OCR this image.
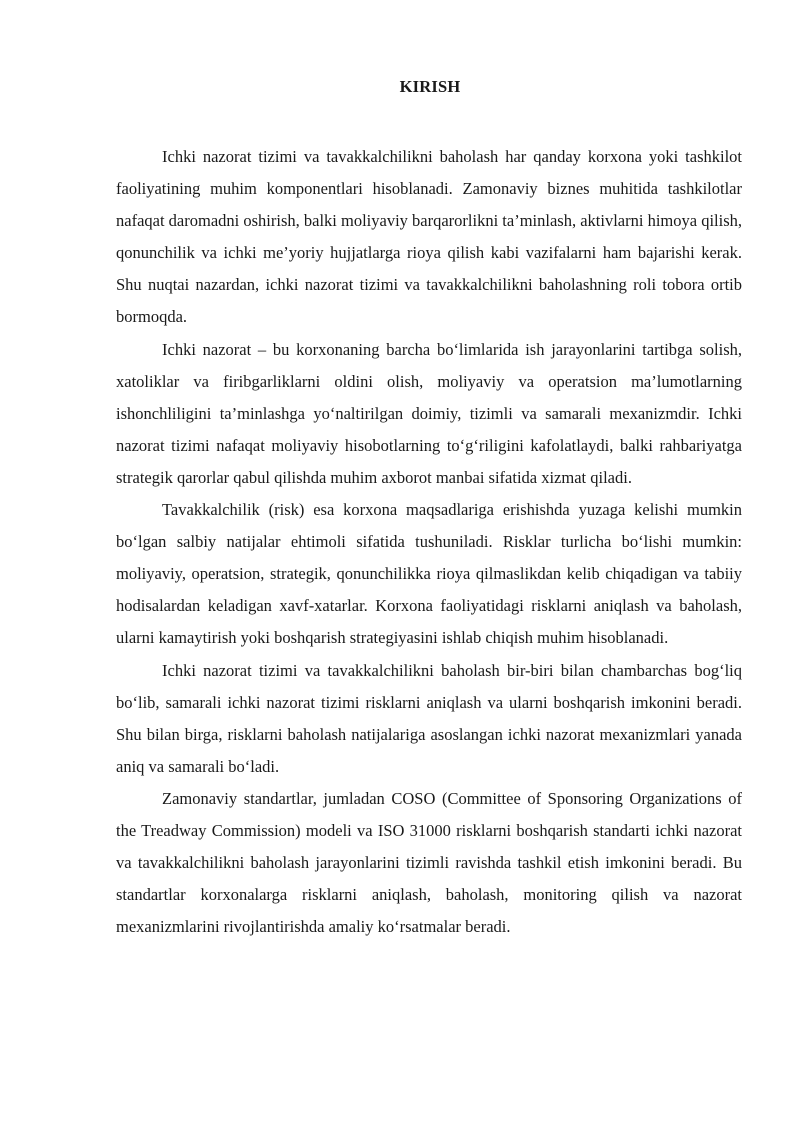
KIRISH

Ichki nazorat tizimi va tavakkalchilikni baholash har qanday korxona yoki tashkilot faoliyatining muhim komponentlari hisoblanadi. Zamonaviy biznes muhitida tashkilotlar nafaqat daromadni oshirish, balki moliyaviy barqarorlikni ta’minlash, aktivlarni himoya qilish, qonunchilik va ichki me’yoriy hujjatlarga rioya qilish kabi vazifalarni ham bajarishi kerak. Shu nuqtai nazardan, ichki nazorat tizimi va tavakkalchilikni baholashning roli tobora ortib bormoqda.

Ichki nazorat – bu korxonaning barcha boʻlimlarida ish jarayonlarini tartibga solish, xatoliklar va firibgarliklarni oldini olish, moliyaviy va operatsion ma’lumotlarning ishonchliligini ta’minlashga yoʻnaltirilgan doimiy, tizimli va samarali mexanizmdir. Ichki nazorat tizimi nafaqat moliyaviy hisobotlarning toʻgʻriligini kafolatlaydi, balki rahbariyatga strategik qarorlar qabul qilishda muhim axborot manbai sifatida xizmat qiladi.

Tavakkalchilik (risk) esa korxona maqsadlariga erishishda yuzaga kelishi mumkin boʻlgan salbiy natijalar ehtimoli sifatida tushuniladi. Risklar turlicha boʻlishi mumkin: moliyaviy, operatsion, strategik, qonunchilikka rioya qilmaslikdan kelib chiqadigan va tabiiy hodisalardan keladigan xavf-xatarlar. Korxona faoliyatidagi risklarni aniqlash va baholash, ularni kamaytirish yoki boshqarish strategiyasini ishlab chiqish muhim hisoblanadi.

Ichki nazorat tizimi va tavakkalchilikni baholash bir-biri bilan chambarchas bogʻliq boʻlib, samarali ichki nazorat tizimi risklarni aniqlash va ularni boshqarish imkonini beradi. Shu bilan birga, risklarni baholash natijalariga asoslangan ichki nazorat mexanizmlari yanada aniq va samarali boʻladi.

Zamonaviy standartlar, jumladan COSO (Committee of Sponsoring Organizations of the Treadway Commission) modeli va ISO 31000 risklarni boshqarish standarti ichki nazorat va tavakkalchilikni baholash jarayonlarini tizimli ravishda tashkil etish imkonini beradi. Bu standartlar korxonalarga risklarni aniqlash, baholash, monitoring qilish va nazorat mexanizmlarini rivojlantirishda amaliy koʻrsatmalar beradi.
